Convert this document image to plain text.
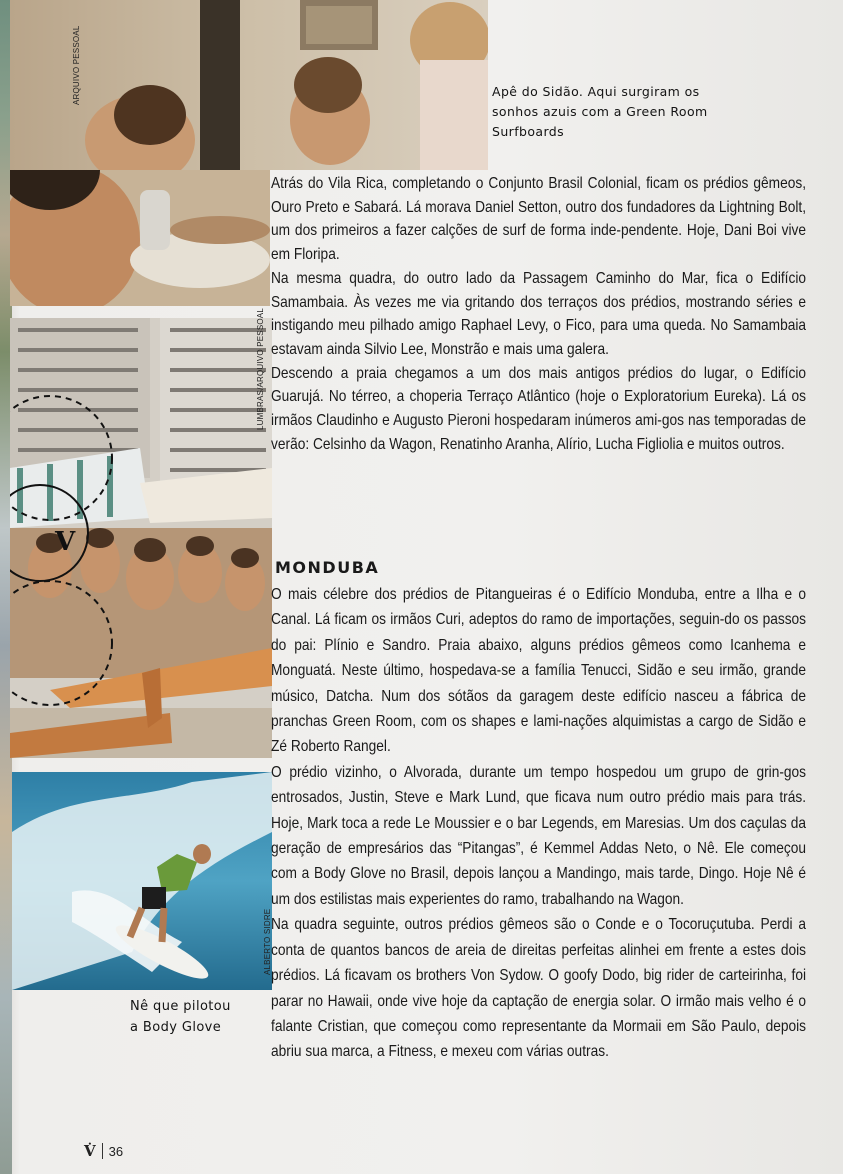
ARQUIVO PESSOAL	Apê do Sidão. Aqui surgiram os
sonhos azuis com a Green Room
Surfboards
V
LUMBRAS/ARQUIVO PESSOAL
ALBERTO SIDRE
Nê que pilotou
a Body Glove

Atrás do Vila Rica, completando o Conjunto Brasil Colonial, ficam os prédios gêmeos, Ouro Preto e Sabará. Lá morava Daniel Setton, outro dos fundadores da Lightning Bolt, um dos primeiros a fazer calções de surf de forma inde-pendente. Hoje, Dani Boi vive em Floripa.

Na mesma quadra, do outro lado da Passagem Caminho do Mar, fica o Edifício Samambaia. Às vezes me via gritando dos terraços dos prédios, mostrando séries e instigando meu pilhado amigo Raphael Levy, o Fico, para uma queda. No Samambaia estavam ainda Silvio Lee, Monstrão e mais uma galera.

Descendo a praia chegamos a um dos mais antigos prédios do lugar, o Edifício Guarujá. No térreo, a choperia Terraço Atlântico (hoje o Exploratorium Eureka). Lá os irmãos Claudinho e Augusto Pieroni hospedaram inúmeros ami-gos nas temporadas de verão: Celsinho da Wagon, Renatinho Aranha, Alírio, Lucha Figliolia e muitos outros.

MONDUBA

O mais célebre dos prédios de Pitangueiras é o Edifício Monduba, entre a Ilha e o Canal. Lá ficam os irmãos Curi, adeptos do ramo de importações, seguin-do os passos do pai: Plínio e Sandro. Praia abaixo, alguns prédios gêmeos como Icanhema e Monguatá. Neste último, hospedava-se a família Tenucci, Sidão e seu irmão, grande músico, Datcha. Num dos sótãos da garagem deste edifício nasceu a fábrica de pranchas Green Room, com os shapes e lami-nações alquimistas a cargo de Sidão e Zé Roberto Rangel.

O prédio vizinho, o Alvorada, durante um tempo hospedou um grupo de grin-gos entrosados, Justin, Steve e Mark Lund, que ficava num outro prédio mais para trás. Hoje, Mark toca a rede Le Moussier e o bar Legends, em Maresias. Um dos caçulas da geração de empresários das “Pitangas”, é Kemmel Addas Neto, o Nê. Ele começou com a Body Glove no Brasil, depois lançou a Mandingo, mais tarde, Dingo. Hoje Nê é um dos estilistas mais experientes do ramo, trabalhando na Wagon.

Na quadra seguinte, outros prédios gêmeos são o Conde e o Tocoruçutuba. Perdi a conta de quantos bancos de areia de direitas perfeitas alinhei em frente a estes dois prédios. Lá ficavam os brothers Von Sydow. O goofy Dodo, big rider de carteirinha, foi parar no Hawaii, onde vive hoje da captação de energia solar. O irmão mais velho é o falante Cristian, que começou como representante da Mormaii em São Paulo, depois abriu sua marca, a Fitness, e mexeu com várias outras.

V̇ 36
